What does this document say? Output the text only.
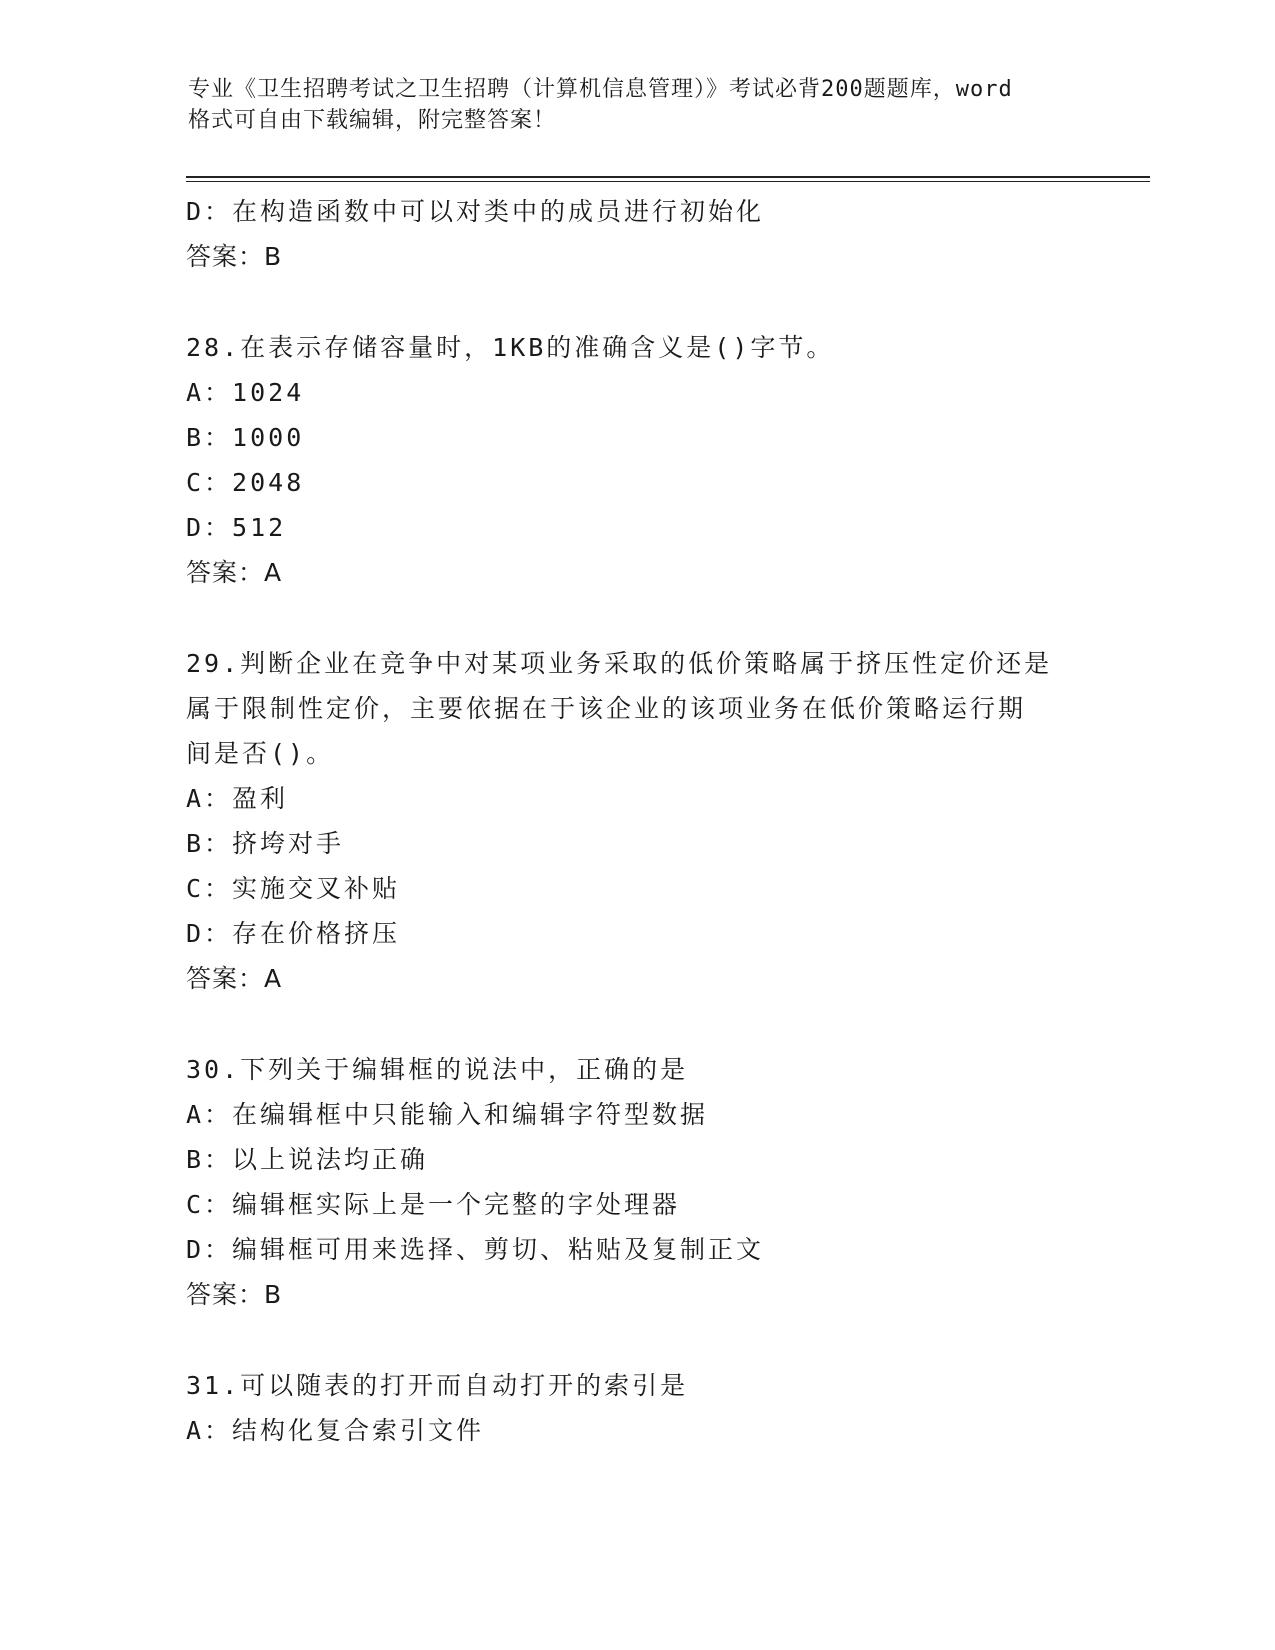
专业《卫生招聘考试之卫生招聘（计算机信息管理）》考试必背200题题库，word
格式可自由下载编辑，附完整答案！
D：在构造函数中可以对类中的成员进行初始化
答案：B
28.在表示存储容量时，1KB的准确含义是()字节。
A：1024
B：1000
C：2048
D：512
答案：A
29.判断企业在竞争中对某项业务采取的低价策略属于挤压性定价还是
属于限制性定价，主要依据在于该企业的该项业务在低价策略运行期
间是否()。
A：盈利
B：挤垮对手
C：实施交叉补贴
D：存在价格挤压
答案：A
30.下列关于编辑框的说法中，正确的是
A：在编辑框中只能输入和编辑字符型数据
B：以上说法均正确
C：编辑框实际上是一个完整的字处理器
D：编辑框可用来选择、剪切、粘贴及复制正文
答案：B
31.可以随表的打开而自动打开的索引是
A：结构化复合索引文件
